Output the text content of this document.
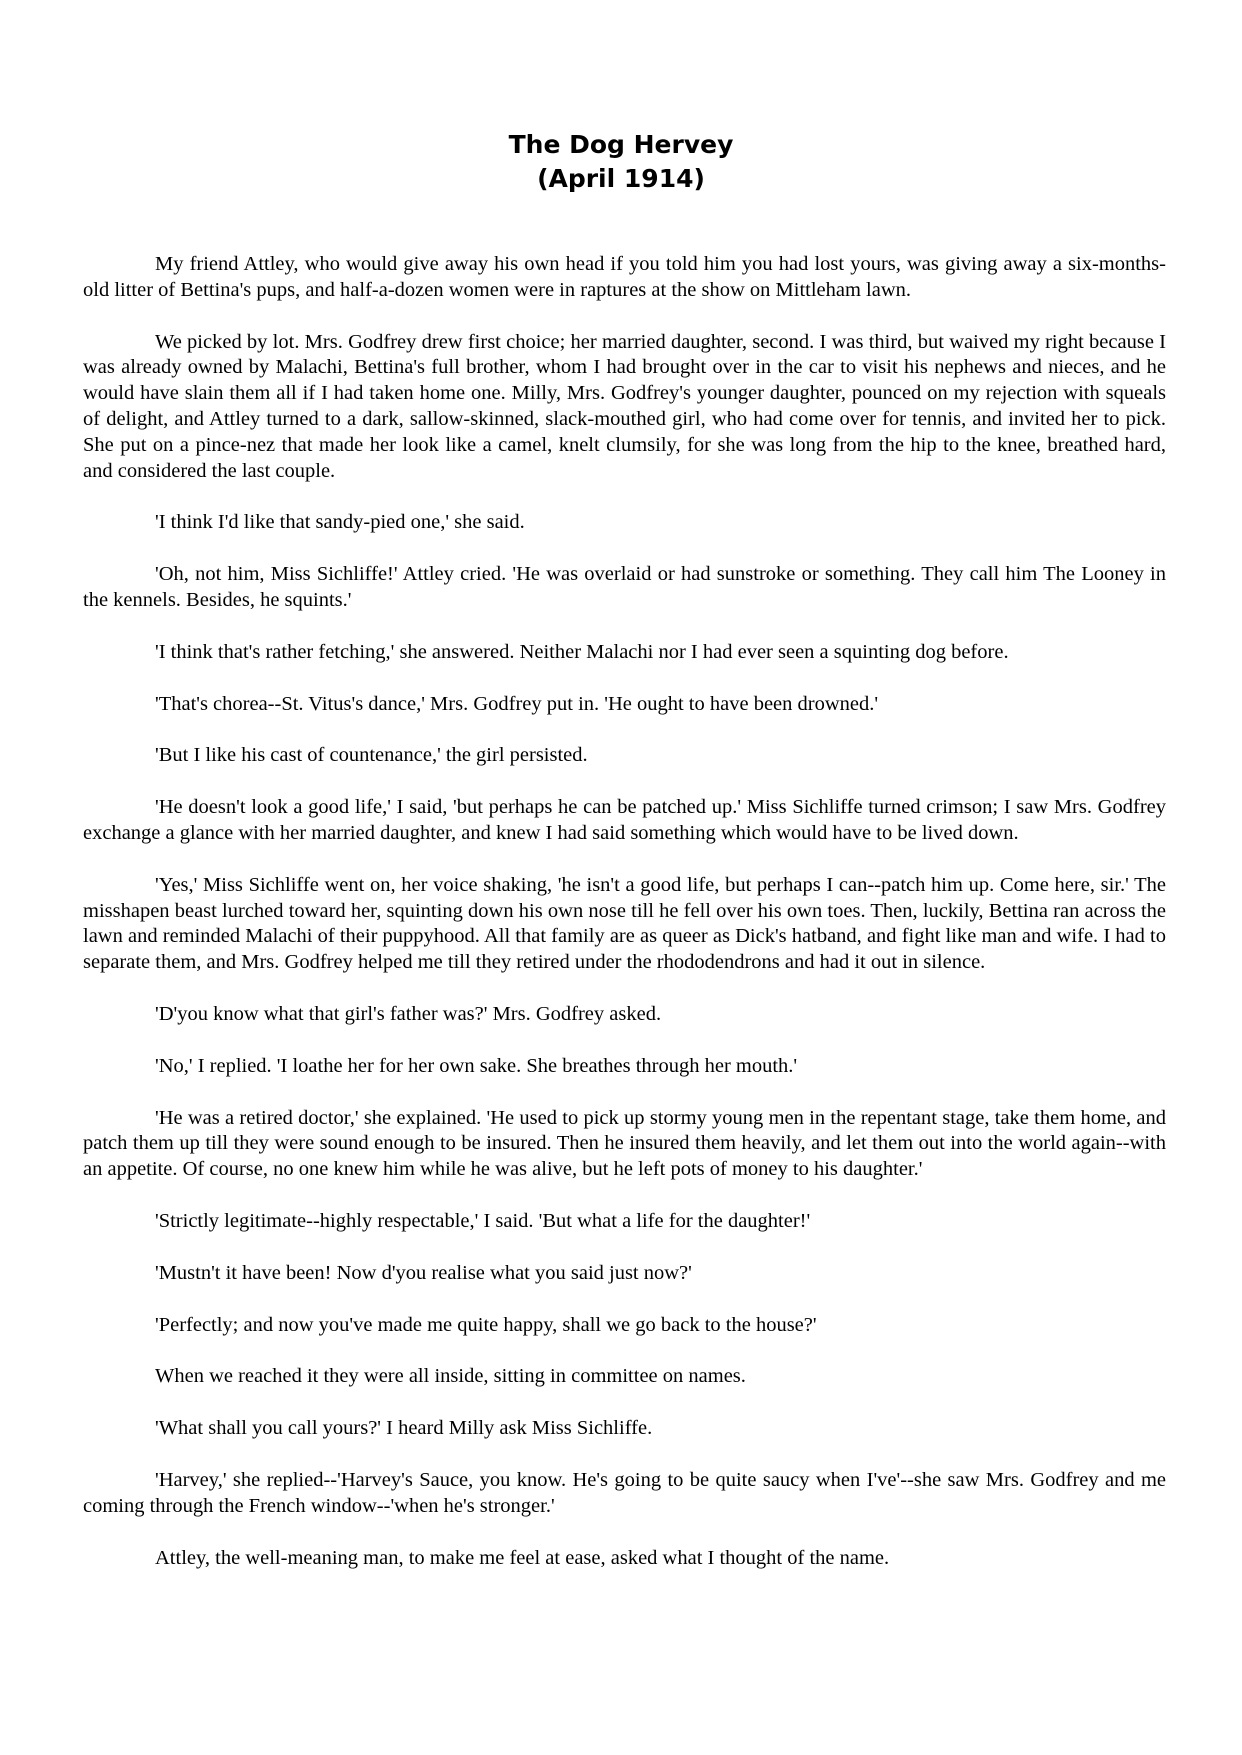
The Dog Hervey
(April 1914)

My friend Attley, who would give away his own head if you told him you had lost yours, was giving away a six-months-old litter of Bettina's pups, and half-a-dozen women were in raptures at the show on Mittleham lawn.

We picked by lot. Mrs. Godfrey drew first choice; her married daughter, second. I was third, but waived my right because I was already owned by Malachi, Bettina's full brother, whom I had brought over in the car to visit his nephews and nieces, and he would have slain them all if I had taken home one. Milly, Mrs. Godfrey's younger daughter, pounced on my rejection with squeals of delight, and Attley turned to a dark, sallow-skinned, slack-mouthed girl, who had come over for tennis, and invited her to pick. She put on a pince-nez that made her look like a camel, knelt clumsily, for she was long from the hip to the knee, breathed hard, and considered the last couple.

'I think I'd like that sandy-pied one,' she said.

'Oh, not him, Miss Sichliffe!' Attley cried. 'He was overlaid or had sunstroke or something. They call him The Looney in the kennels. Besides, he squints.'

'I think that's rather fetching,' she answered. Neither Malachi nor I had ever seen a squinting dog before.

'That's chorea--St. Vitus's dance,' Mrs. Godfrey put in. 'He ought to have been drowned.'

'But I like his cast of countenance,' the girl persisted.

'He doesn't look a good life,' I said, 'but perhaps he can be patched up.' Miss Sichliffe turned crimson; I saw Mrs. Godfrey exchange a glance with her married daughter, and knew I had said something which would have to be lived down.

'Yes,' Miss Sichliffe went on, her voice shaking, 'he isn't a good life, but perhaps I can--patch him up. Come here, sir.' The misshapen beast lurched toward her, squinting down his own nose till he fell over his own toes. Then, luckily, Bettina ran across the lawn and reminded Malachi of their puppyhood. All that family are as queer as Dick's hatband, and fight like man and wife. I had to separate them, and Mrs. Godfrey helped me till they retired under the rhododendrons and had it out in silence.

'D'you know what that girl's father was?' Mrs. Godfrey asked.

'No,' I replied. 'I loathe her for her own sake. She breathes through her mouth.'

'He was a retired doctor,' she explained. 'He used to pick up stormy young men in the repentant stage, take them home, and patch them up till they were sound enough to be insured. Then he insured them heavily, and let them out into the world again--with an appetite. Of course, no one knew him while he was alive, but he left pots of money to his daughter.'

'Strictly legitimate--highly respectable,' I said. 'But what a life for the daughter!'

'Mustn't it have been! Now d'you realise what you said just now?'

'Perfectly; and now you've made me quite happy, shall we go back to the house?'

When we reached it they were all inside, sitting in committee on names.

'What shall you call yours?' I heard Milly ask Miss Sichliffe.

'Harvey,' she replied--'Harvey's Sauce, you know. He's going to be quite saucy when I've'--she saw Mrs. Godfrey and me coming through the French window--'when he's stronger.'

Attley, the well-meaning man, to make me feel at ease, asked what I thought of the name.
